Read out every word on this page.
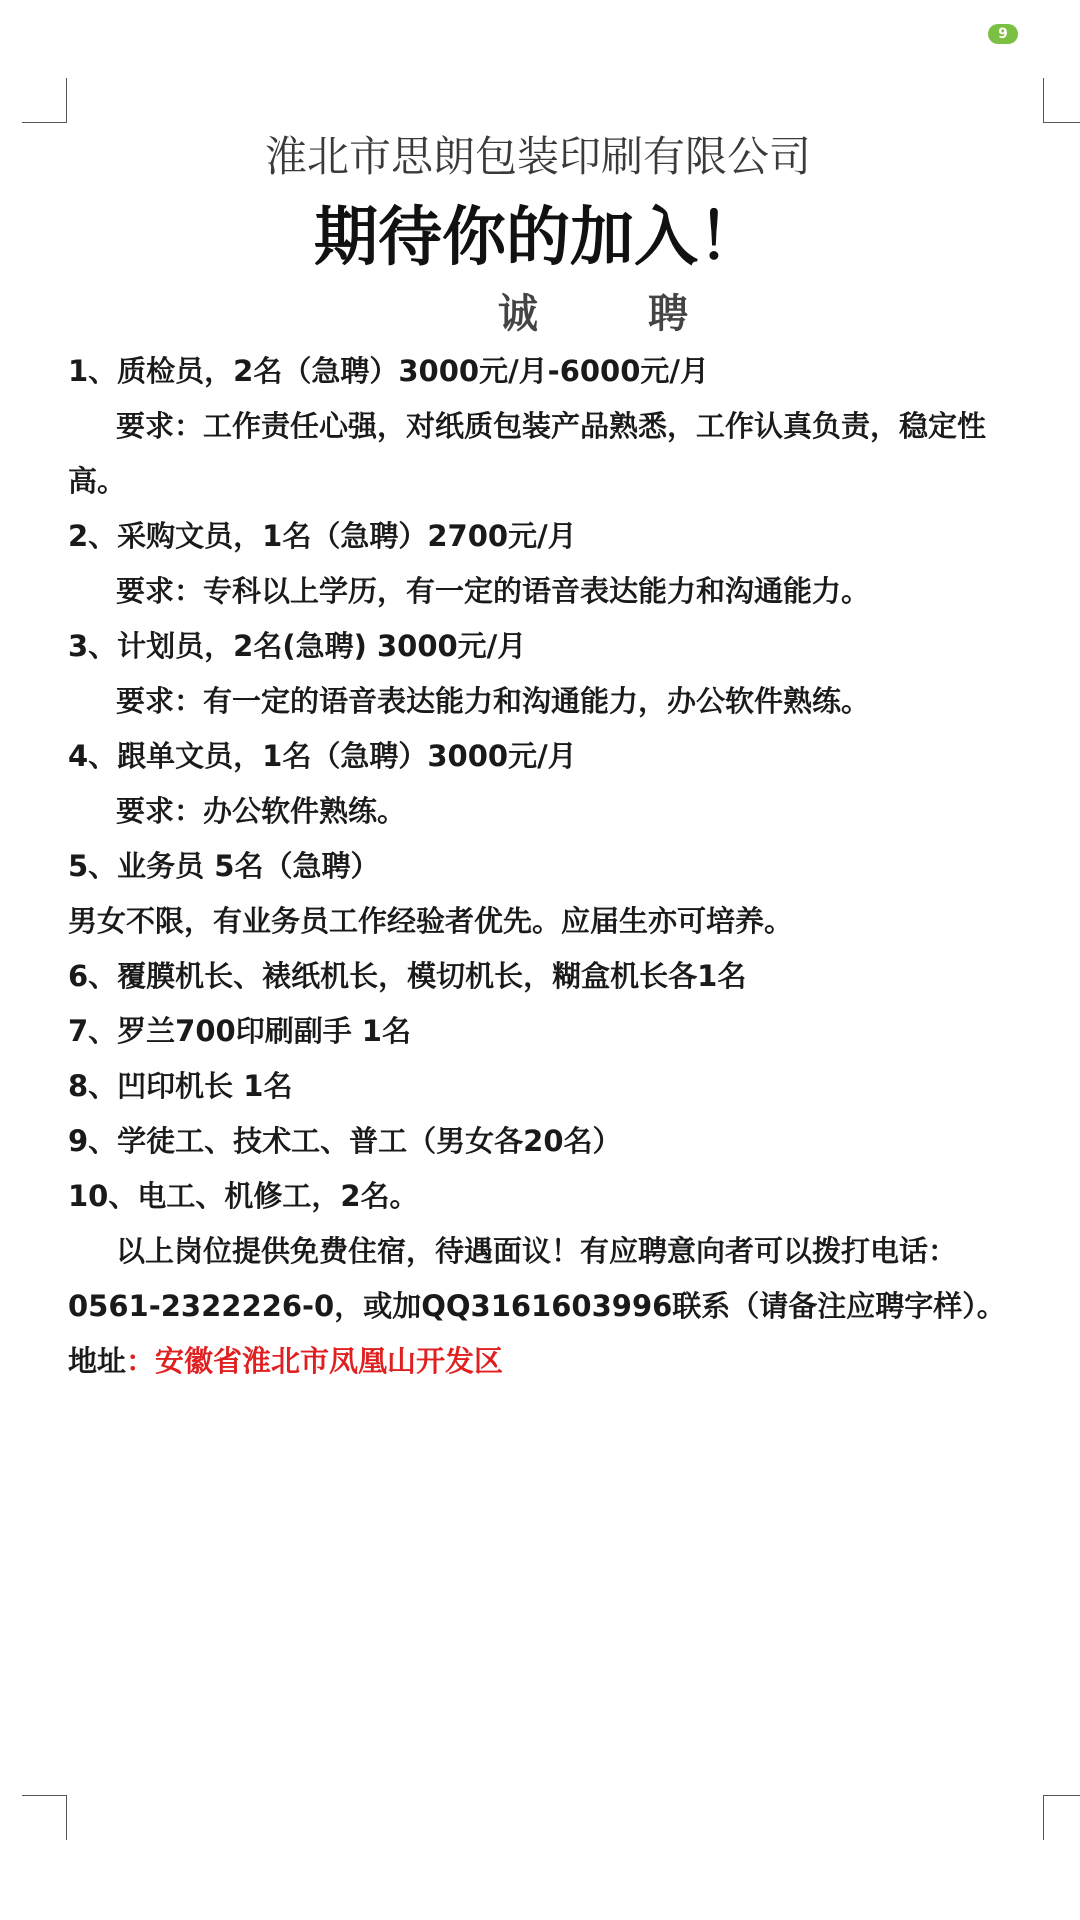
9
淮北市思朗包装印刷有限公司
期待你的加入！
诚聘
1、质检员，2名（急聘）3000元/月-6000元/月
要求：工作责任心强，对纸质包装产品熟悉，工作认真负责，稳定性高。
2、采购文员，1名（急聘）2700元/月
要求：专科以上学历，有一定的语音表达能力和沟通能力。
3、计划员，2名(急聘) 3000元/月
要求：有一定的语音表达能力和沟通能力，办公软件熟练。
4、跟单文员，1名（急聘）3000元/月
要求：办公软件熟练。
5、业务员 5名（急聘）
男女不限，有业务员工作经验者优先。应届生亦可培养。
6、覆膜机长、裱纸机长，模切机长，糊盒机长各1名
7、罗兰700印刷副手 1名
8、凹印机长 1名
9、学徒工、技术工、普工（男女各20名）
10、电工、机修工，2名。
以上岗位提供免费住宿，待遇面议！有应聘意向者可以拨打电话：0561-2322226-0，或加QQ3161603996联系（请备注应聘字样）。
地址：安徽省淮北市凤凰山开发区
